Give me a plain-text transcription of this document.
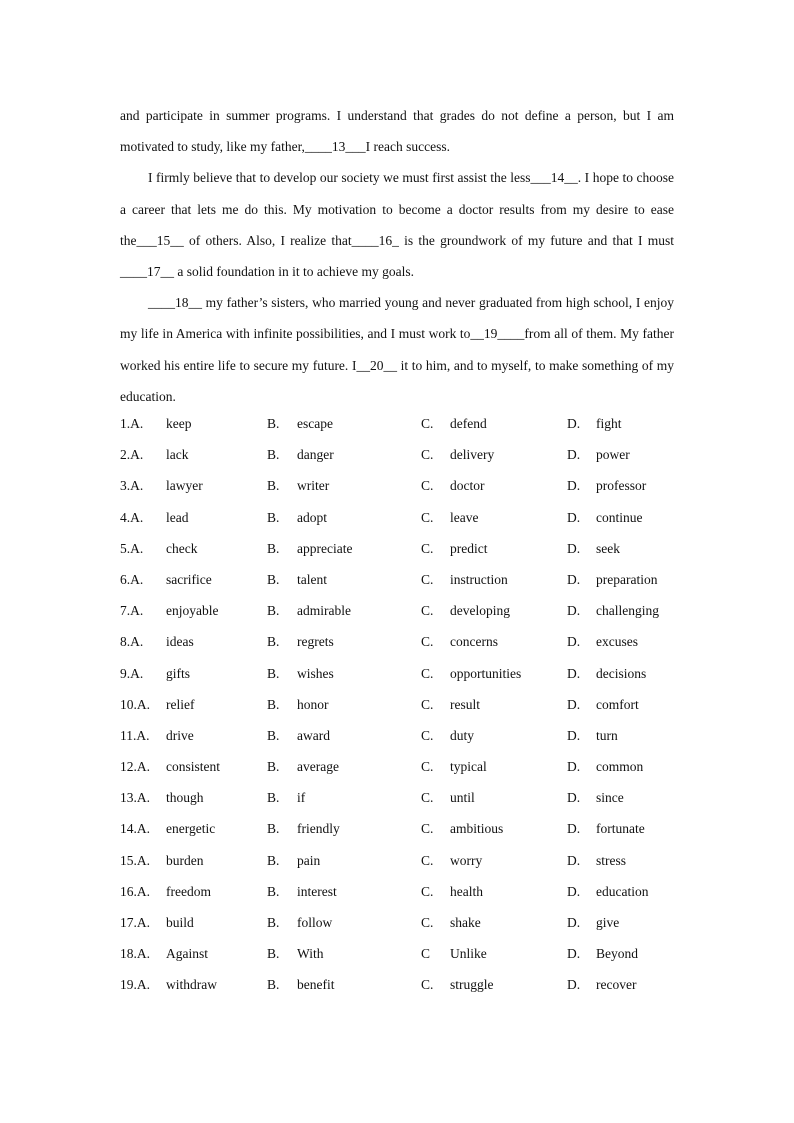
and participate in summer programs. I understand that grades do not define a person, but I am motivated to study, like my father,____13___I reach success.

I firmly believe that to develop our society we must first assist the less___14__. I hope to choose a career that lets me do this. My motivation to become a doctor results from my desire to ease the___15__ of others. Also, I realize that____16_ is the groundwork of my future and that I must ____17__ a solid foundation in it to achieve my goals.

____18__ my father’s sisters, who married young and never graduated from high school, I enjoy my life in America with infinite possibilities, and I must work to__19____from all of them. My father worked his entire life to secure my future. I__20__ it to him, and to myself, to make something of my education.

1.A. keep	B. escape	C. defend	D. fight
2.A. lack	B. danger	C. delivery	D. power
3.A. lawyer	B. writer	C. doctor	D. professor
4.A. lead	B. adopt	C. leave	D. continue
5.A. check	B. appreciate	C. predict	D. seek
6.A. sacrifice	B. talent	C. instruction	D. preparation
7.A. enjoyable	B. admirable	C. developing	D. challenging
8.A. ideas	B. regrets	C. concerns	D. excuses
9.A. gifts	B. wishes	C. opportunities	D. decisions
10.A. relief	B. honor	C. result	D. comfort
11.A. drive	B. award	C. duty	D. turn
12.A. consistent	B. average	C. typical	D. common
13.A. though	B. if	C. until	D. since
14.A. energetic	B. friendly	C. ambitious	D. fortunate
15.A. burden	B. pain	C. worry	D. stress
16.A. freedom	B. interest	C. health	D. education
17.A. build	B. follow	C. shake	D. give
18.A. Against	B. With	C Unlike	D. Beyond
19.A. withdraw	B. benefit	C. struggle	D. recover
